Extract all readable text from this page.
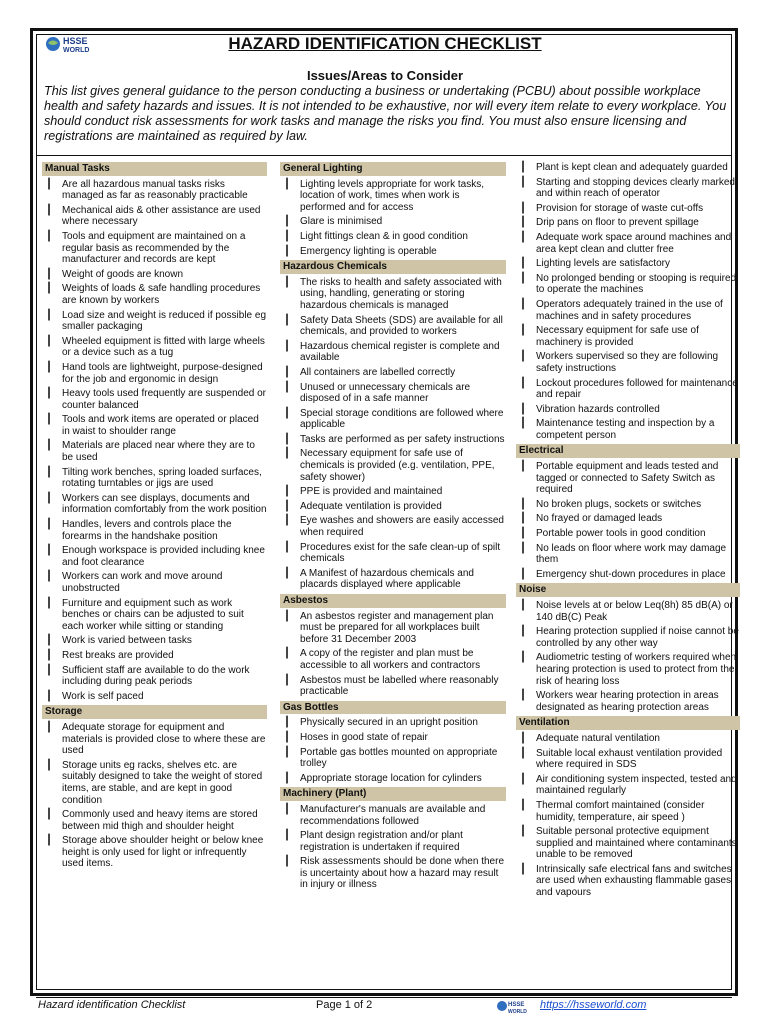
HSSE
WORLD	HAZARD IDENTIFICATION CHECKLIST
Issues/Areas to Consider
This list gives general guidance to the person conducting a business or undertaking (PCBU) about possible workplace health and safety hazards and issues. It is not intended to be exhaustive, nor will every item relate to every workplace. You should conduct risk assessments for work tasks and manage the risks you find. You must also ensure licensing and registrations are maintained as required by law.
Manual Tasks
┃ Are all hazardous manual tasks risks managed as far as reasonably practicable
┃ Mechanical aids & other assistance are used where necessary
┃ Tools and equipment are maintained on a regular basis as recommended by the manufacturer and records are kept
┃ Weight of goods are known
┃ Weights of loads & safe handling procedures are known by workers
┃ Load size and weight is reduced if possible eg smaller packaging
┃ Wheeled equipment is fitted with large wheels or a device such as a tug
┃ Hand tools are lightweight, purpose-designed for the job and ergonomic in design
┃ Heavy tools used frequently are suspended or counter balanced
┃ Tools and work items are operated or placed in waist to shoulder range
┃ Materials are placed near where they are to be used
┃ Tilting work benches, spring loaded surfaces, rotating turntables or jigs are used
┃ Workers can see displays, documents and information comfortably from the work position
┃ Handles, levers and controls place the forearms in the handshake position
┃ Enough workspace is provided including knee and foot clearance
┃ Workers can work and move around unobstructed
┃ Furniture and equipment such as work benches or chairs can be adjusted to suit each worker while sitting or standing
┃ Work is varied between tasks
┃ Rest breaks are provided
┃ Sufficient staff are available to do the work including during peak periods
┃ Work is self paced
Storage
┃ Adequate storage for equipment and materials is provided close to where these are used
┃ Storage units eg racks, shelves etc. are suitably designed to take the weight of stored items, are stable, and are kept in good condition
┃ Commonly used and heavy items are stored between mid thigh and shoulder height
┃ Storage above shoulder height or below knee height is only used for light or infrequently used items.
General Lighting
┃ Lighting levels appropriate for work tasks, location of work, times when work is performed and for access
┃ Glare is minimised
┃ Light fittings clean & in good condition
┃ Emergency lighting is operable
Hazardous Chemicals
┃ The risks to health and safety associated with using, handling, generating or storing hazardous chemicals is managed
┃ Safety Data Sheets (SDS) are available for all chemicals, and provided to workers
┃ Hazardous chemical register is complete and available
┃ All containers are labelled correctly
┃ Unused or unnecessary chemicals are disposed of in a safe manner
┃ Special storage conditions are followed where applicable
┃ Tasks are performed as per safety instructions
┃ Necessary equipment for safe use of chemicals is provided (e.g. ventilation, PPE, safety shower)
┃ PPE is provided and maintained
┃ Adequate ventilation is provided
┃ Eye washes and showers are easily accessed when required
┃ Procedures exist for the safe clean-up of spilt chemicals
┃ A Manifest of hazardous chemicals and placards displayed where applicable
Asbestos
┃ An asbestos register and management plan must be prepared for all workplaces built before 31 December 2003
┃ A copy of the register and plan must be accessible to all workers and contractors
┃ Asbestos must be labelled where reasonably practicable
Gas Bottles
┃ Physically secured in an upright position
┃ Hoses in good state of repair
┃ Portable gas bottles mounted on appropriate trolley
┃ Appropriate storage location for cylinders
Machinery (Plant)
┃ Manufacturer's manuals are available and recommendations followed
┃ Plant design registration and/or plant registration is undertaken if required
┃ Risk assessments should be done when there is uncertainty about how a hazard may result in injury or illness
┃ Plant is kept clean and adequately guarded
┃ Starting and stopping devices clearly marked and within reach of operator
┃ Provision for storage of waste cut-offs
┃ Drip pans on floor to prevent spillage
┃ Adequate work space around machines and area kept clean and clutter free
┃ Lighting levels are satisfactory
┃ No prolonged bending or stooping is required to operate the machines
┃ Operators adequately trained in the use of machines and in safety procedures
┃ Necessary equipment for safe use of machinery is provided
┃ Workers supervised so they are following safety instructions
┃ Lockout procedures followed for maintenance and repair
┃ Vibration hazards controlled
┃ Maintenance testing and inspection by a competent person
Electrical
┃ Portable equipment and leads tested and tagged or connected to Safety Switch as required
┃ No broken plugs, sockets or switches
┃ No frayed or damaged leads
┃ Portable power tools in good condition
┃ No leads on floor where work may damage them
┃ Emergency shut-down procedures in place
Noise
┃ Noise levels at or below Leq(8h) 85 dB(A) or 140 dB(C) Peak
┃ Hearing protection supplied if noise cannot be controlled by any other way
┃ Audiometric testing of workers required when hearing protection is used to protect from the risk of hearing loss
┃ Workers wear hearing protection in areas designated as hearing protection areas
Ventilation
┃ Adequate natural ventilation
┃ Suitable local exhaust ventilation provided where required in SDS
┃ Air conditioning system inspected, tested and maintained regularly
┃ Thermal comfort maintained (consider humidity, temperature, air speed )
┃ Suitable personal protective equipment supplied and maintained where contaminants unable to be removed
┃ Intrinsically safe electrical fans and switches are used when exhausting flammable gases and vapours
Hazard identification Checklist	Page 1 of 2	HSSE
WORLD
https://hsseworld.com
